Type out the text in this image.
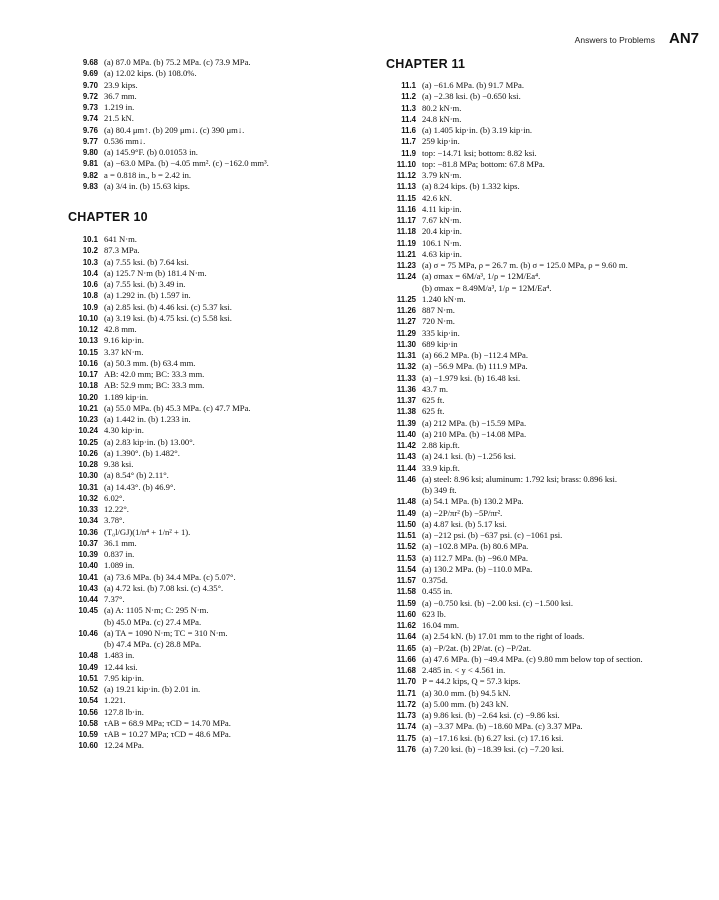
Answers to Problems AN7
9.68 (a) 87.0 MPa. (b) 75.2 MPa. (c) 73.9 MPa.
9.69 (a) 12.02 kips. (b) 108.0%.
9.70 23.9 kips.
9.72 36.7 mm.
9.73 1.219 in.
9.74 21.5 kN.
9.76 (a) 80.4 μm↑. (b) 209 μm↓. (c) 390 μm↓.
9.77 0.536 mm↓.
9.80 (a) 145.9°F. (b) 0.01053 in.
9.81 (a) −63.0 MPa. (b) −4.05 mm². (c) −162.0 mm³.
9.82 a = 0.818 in., b = 2.42 in.
9.83 (a) 3/4 in. (b) 15.63 kips.
CHAPTER 10
10.1 641 N·m.
10.2 87.3 MPa.
10.3 (a) 7.55 ksi. (b) 7.64 ksi.
10.4 (a) 125.7 N·m (b) 181.4 N·m.
10.6 (a) 7.55 ksi. (b) 3.49 in.
10.8 (a) 1.292 in. (b) 1.597 in.
10.9 (a) 2.85 ksi. (b) 4.46 ksi. (c) 5.37 ksi.
10.10 (a) 3.19 ksi. (b) 4.75 ksi. (c) 5.58 ksi.
10.12 42.8 mm.
10.13 9.16 kip·in.
10.15 3.37 kN·m.
10.16 (a) 50.3 mm. (b) 63.4 mm.
10.17 AB: 42.0 mm; BC: 33.3 mm.
10.18 AB: 52.9 mm; BC: 33.3 mm.
10.20 1.189 kip·in.
10.21 (a) 55.0 MPa. (b) 45.3 MPa. (c) 47.7 MPa.
10.23 (a) 1.442 in. (b) 1.233 in.
10.24 4.30 kip·in.
10.25 (a) 2.83 kip·in. (b) 13.00°.
10.26 (a) 1.390°. (b) 1.482°.
10.28 9.38 ksi.
10.30 (a) 8.54° (b) 2.11°.
10.31 (a) 14.43°. (b) 46.9°.
10.32 6.02°.
10.33 12.22°.
10.34 3.78°.
10.36 (T₀l/GJ)(1/n⁴ + 1/n² + 1).
10.37 36.1 mm.
10.39 0.837 in.
10.40 1.089 in.
10.41 (a) 73.6 MPa. (b) 34.4 MPa. (c) 5.07°.
10.43 (a) 4.72 ksi. (b) 7.08 ksi. (c) 4.35°.
10.44 7.37°.
10.45 (a) A: 1105 N·m; C: 295 N·m.
(b) 45.0 MPa. (c) 27.4 MPa.
10.46 (a) TA = 1090 N·m; TC = 310 N·m.
(b) 47.4 MPa. (c) 28.8 MPa.
10.48 1.483 in.
10.49 12.44 ksi.
10.51 7.95 kip·in.
10.52 (a) 19.21 kip·in. (b) 2.01 in.
10.54 1.221.
10.56 127.8 lb·in.
10.58 τAB = 68.9 MPa; τCD = 14.70 MPa.
10.59 τAB = 10.27 MPa; τCD = 48.6 MPa.
10.60 12.24 MPa.
CHAPTER 11
11.1 (a) −61.6 MPa. (b) 91.7 MPa.
11.2 (a) −2.38 ksi. (b) −0.650 ksi.
11.3 80.2 kN·m.
11.4 24.8 kN·m.
11.6 (a) 1.405 kip·in. (b) 3.19 kip·in.
11.7 259 kip·in.
11.9 top: −14.71 ksi; bottom: 8.82 ksi.
11.10 top: −81.8 MPa; bottom: 67.8 MPa.
11.12 3.79 kN·m.
11.13 (a) 8.24 kips. (b) 1.332 kips.
11.15 42.6 kN.
11.16 4.11 kip·in.
11.17 7.67 kN·m.
11.18 20.4 kip·in.
11.19 106.1 N·m.
11.21 4.63 kip·in.
11.23 (a) σ = 75 MPa, ρ = 26.7 m. (b) σ = 125.0 MPa, ρ = 9.60 m.
11.24 (a) σmax = 6M/a³, 1/ρ = 12M/Ea⁴.
(b) σmax = 8.49M/a³, 1/ρ = 12M/Ea⁴.
11.25 1.240 kN·m.
11.26 887 N·m.
11.27 720 N·m.
11.29 335 kip·in.
11.30 689 kip·in
11.31 (a) 66.2 MPa. (b) −112.4 MPa.
11.32 (a) −56.9 MPa. (b) 111.9 MPa.
11.33 (a) −1.979 ksi. (b) 16.48 ksi.
11.36 43.7 m.
11.37 625 ft.
11.38 625 ft.
11.39 (a) 212 MPa. (b) −15.59 MPa.
11.40 (a) 210 MPa. (b) −14.08 MPa.
11.42 2.88 kip.ft.
11.43 (a) 24.1 ksi. (b) −1.256 ksi.
11.44 33.9 kip.ft.
11.46 (a) steel: 8.96 ksi; aluminum: 1.792 ksi; brass: 0.896 ksi.
(b) 349 ft.
11.48 (a) 54.1 MPa. (b) 130.2 MPa.
11.49 (a) −2P/πr² (b) −5P/πr².
11.50 (a) 4.87 ksi. (b) 5.17 ksi.
11.51 (a) −212 psi. (b) −637 psi. (c) −1061 psi.
11.52 (a) −102.8 MPa. (b) 80.6 MPa.
11.53 (a) 112.7 MPa. (b) −96.0 MPa.
11.54 (a) 130.2 MPa. (b) −110.0 MPa.
11.57 0.375d.
11.58 0.455 in.
11.59 (a) −0.750 ksi. (b) −2.00 ksi. (c) −1.500 ksi.
11.60 623 lb.
11.62 16.04 mm.
11.64 (a) 2.54 kN. (b) 17.01 mm to the right of loads.
11.65 (a) −P/2at. (b) 2P/at. (c) −P/2at.
11.66 (a) 47.6 MPa. (b) −49.4 MPa. (c) 9.80 mm below top of section.
11.68 2.485 in. < y < 4.561 in.
11.70 P = 44.2 kips, Q = 57.3 kips.
11.71 (a) 30.0 mm. (b) 94.5 kN.
11.72 (a) 5.00 mm. (b) 243 kN.
11.73 (a) 9.86 ksi. (b) −2.64 ksi. (c) −9.86 ksi.
11.74 (a) −3.37 MPa. (b) −18.60 MPa. (c) 3.37 MPa.
11.75 (a) −17.16 ksi. (b) 6.27 ksi. (c) 17.16 ksi.
11.76 (a) 7.20 ksi. (b) −18.39 ksi. (c) −7.20 ksi.
